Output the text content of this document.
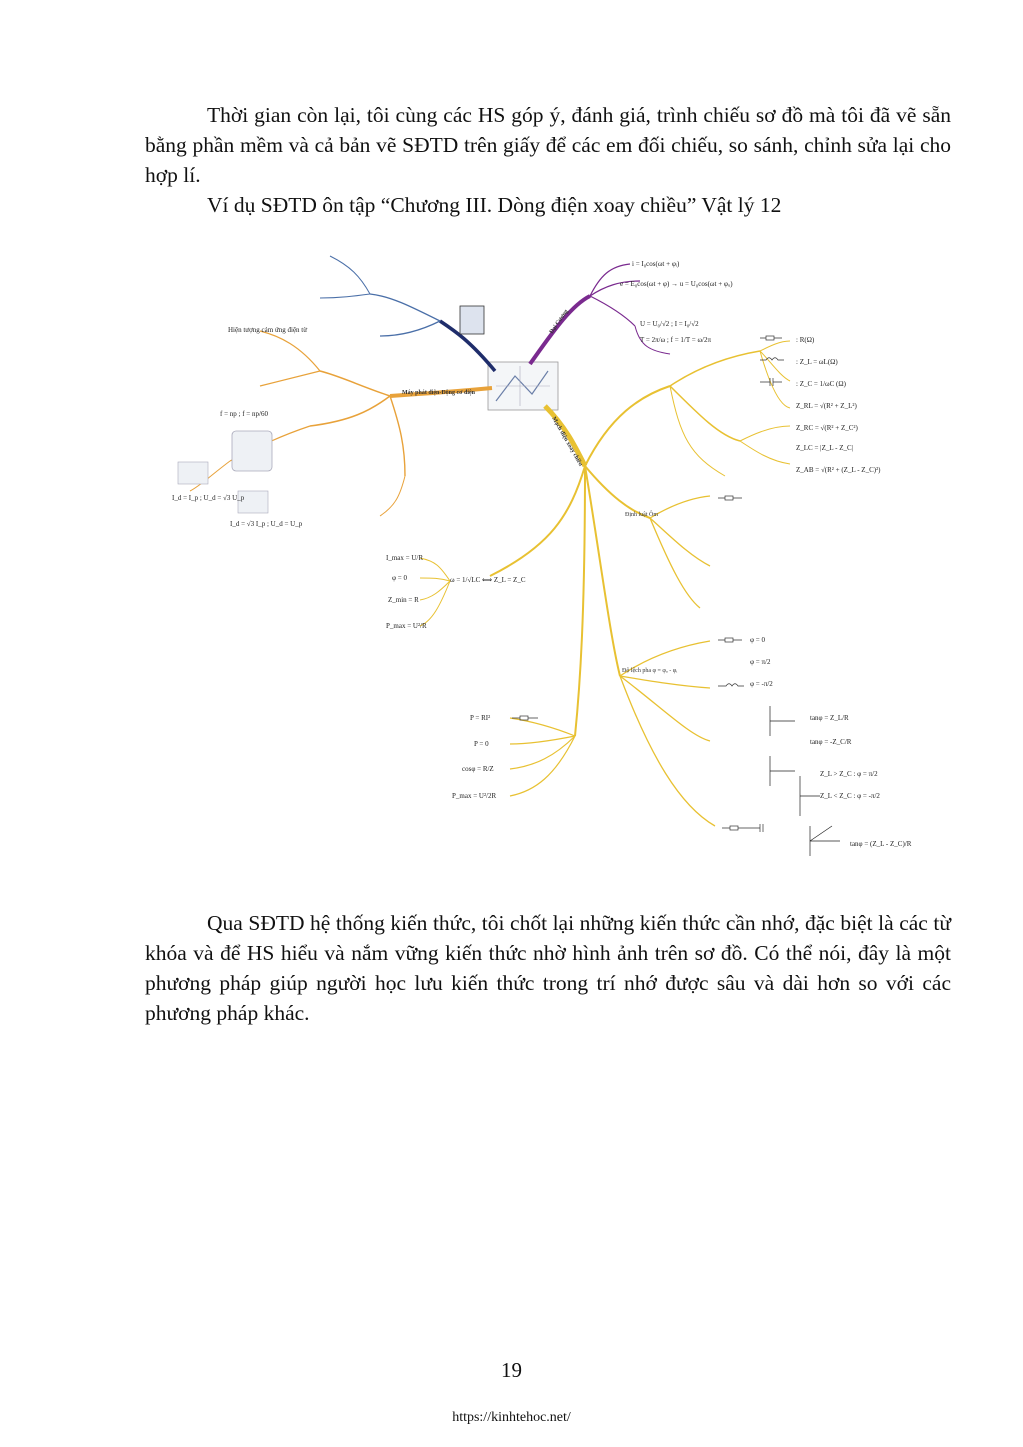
Thời gian còn lại, tôi cùng các HS góp ý, đánh giá, trình chiếu sơ đồ mà tôi đã vẽ sẵn bằng phần mềm và cả bản vẽ SĐTD trên giấy để các em đối chiếu, so sánh, chỉnh sửa lại cho hợp lí.

Ví dụ SĐTD ôn tập “Chương III. Dòng điện xoay chiều” Vật lý 12

Đại Cương
i = I₀cos(ωt + φᵢ)
e = E₀cos(ωt + φ) → u = U₀cos(ωt + φᵤ)
U = U₀/√2 ; I = I₀/√2
T = 2π/ω ; f = 1/T = ω/2π
Máy phát điện-Động cơ điện
Hiện tượng cảm ứng điện từ
f = np ; f = np/60
I_d = I_p ; U_d = √3 U_p
I_d = √3 I_p ; U_d = U_p
Mạch điện xoay chiều
Định luật Ôm
ω = 1/√LC ⟺ Z_L = Z_C
I_max = U/R
φ = 0
Z_min = R
P_max = U²/R
Độ lệch pha φ = φᵤ - φᵢ
P = RI²
P = 0
cosφ = R/Z
P_max = U²/2R
: R(Ω)
: Z_L = ωL(Ω)
: Z_C = 1/ωC (Ω)
Z_RL = √(R² + Z_L²)
Z_RC = √(R² + Z_C²)
Z_LC = |Z_L - Z_C|
Z_AB = √(R² + (Z_L - Z_C)²)
φ = 0
φ = π/2
φ = -π/2
tanφ = Z_L/R
tanφ = -Z_C/R
Z_L > Z_C : φ = π/2
Z_L < Z_C : φ = -π/2
tanφ = (Z_L - Z_C)/R

Qua SĐTD hệ thống kiến thức, tôi chốt lại những kiến thức cần nhớ, đặc biệt là các từ khóa và để HS hiểu và nắm vững kiến thức nhờ hình ảnh trên sơ đồ. Có thể nói, đây là một phương pháp giúp người học lưu kiến thức trong trí nhớ được sâu và dài hơn so với các phương pháp khác.

19
https://kinhtehoc.net/
